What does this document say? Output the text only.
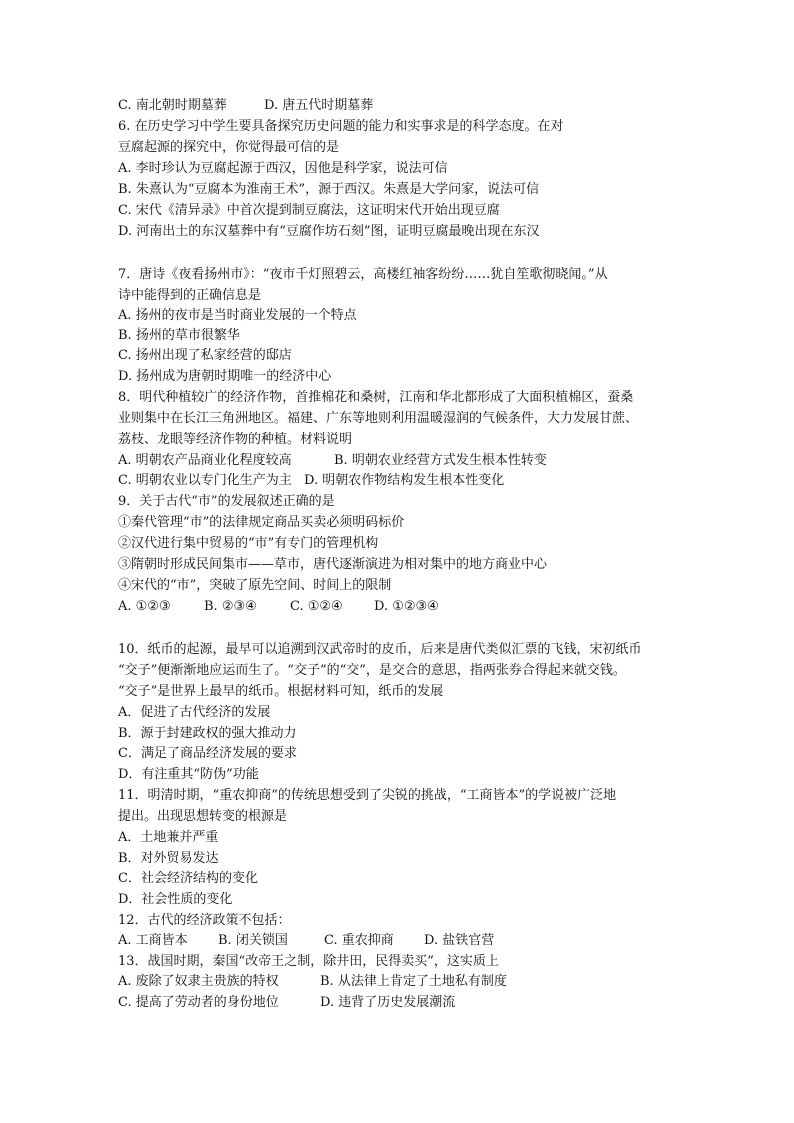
C. 南北朝时期墓葬	D. 唐五代时期墓葬
6. 在历史学习中学生要具备探究历史问题的能力和实事求是的科学态度。在对
豆腐起源的探究中，你觉得最可信的是
A. 李时珍认为豆腐起源于西汉，因他是科学家，说法可信
B. 朱熹认为“豆腐本为淮南王术”，源于西汉。朱熹是大学问家，说法可信
C. 宋代《清异录》中首次提到制豆腐法，这证明宋代开始出现豆腐
D. 河南出土的东汉墓葬中有“豆腐作坊石刻”图，证明豆腐最晚出现在东汉
7．唐诗《夜看扬州市》：“夜市千灯照碧云，高楼红袖客纷纷……犹自笙歌彻晓闻。”从
诗中能得到的正确信息是
A. 扬州的夜市是当时商业发展的一个特点
B. 扬州的草市很繁华
C. 扬州出现了私家经营的邸店
D. 扬州成为唐朝时期唯一的经济中心
8．明代种植较广的经济作物，首推棉花和桑树，江南和华北都形成了大面积植棉区，蚕桑
业则集中在长江三角洲地区。福建、广东等地则利用温暖湿润的气候条件，大力发展甘蔗、
荔枝、龙眼等经济作物的种植。材料说明
A. 明朝农产品商业化程度较高	B. 明朝农业经营方式发生根本性转变
C. 明朝农业以专门化生产为主 D. 明朝农作物结构发生根本性变化
9．关于古代“市”的发展叙述正确的是
①秦代管理“市”的法律规定商品买卖必须明码标价
②汉代进行集中贸易的“市”有专门的管理机构
③隋朝时形成民间集市——草市，唐代逐渐演进为相对集中的地方商业中心
④宋代的“市”，突破了原先空间、时间上的限制
A. ①②③	B. ②③④	C. ①②④ D. ①②③④
10．纸币的起源，最早可以追溯到汉武帝时的皮币，后来是唐代类似汇票的飞钱，宋初纸币
“交子”便渐渐地应运而生了。“交子”的“交”，是交合的意思，指两张券合得起来就交钱。
“交子”是世界上最早的纸币。根据材料可知，纸币的发展
A．促进了古代经济的发展
B．源于封建政权的强大推动力
C．满足了商品经济发展的要求
D．有注重其“防伪”功能
11．明清时期，“重农抑商”的传统思想受到了尖锐的挑战，“工商皆本”的学说被广泛地
提出。出现思想转变的根源是
A．土地兼并严重
B．对外贸易发达
C．社会经济结构的变化
D．社会性质的变化
12．古代的经济政策不包括：
A. 工商皆本 B. 闭关锁国	C. 重农抑商 D. 盐铁官营
13．战国时期，秦国“改帝王之制，除井田，民得卖买”，这实质上
A. 废除了奴隶主贵族的特权	B. 从法律上肯定了土地私有制度
C. 提高了劳动者的身份地位	D. 违背了历史发展潮流
